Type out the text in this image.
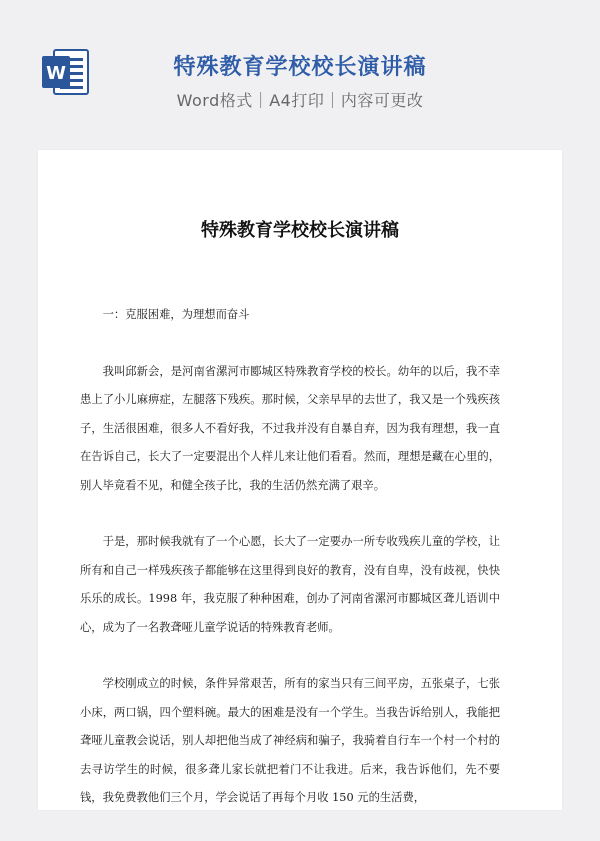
W	特殊教育学校校长演讲稿
Word格式｜A4打印｜内容可更改
特殊教育学校校长演讲稿

一：克服困难，为理想而奋斗

我叫邱新会，是河南省漯河市郾城区特殊教育学校的校长。幼年的以后，我不幸患上了小儿麻痹症，左腿落下残疾。那时候，父亲早早的去世了，我又是一个残疾孩子，生活很困难，很多人不看好我，不过我并没有自暴自弃，因为我有理想，我一直在告诉自己，长大了一定要混出个人样儿来让他们看看。然而，理想是藏在心里的，别人毕竟看不见，和健全孩子比，我的生活仍然充满了艰辛。

于是，那时候我就有了一个心愿，长大了一定要办一所专收残疾儿童的学校，让所有和自己一样残疾孩子都能够在这里得到良好的教育，没有自卑，没有歧视，快快乐乐的成长。1998 年，我克服了种种困难，创办了河南省漯河市郾城区聋儿语训中心，成为了一名教聋哑儿童学说话的特殊教育老师。

学校刚成立的时候，条件异常艰苦，所有的家当只有三间平房，五张桌子，七张小床，两口锅，四个塑料碗。最大的困难是没有一个学生。当我告诉给别人，我能把聋哑儿童教会说话，别人却把他当成了神经病和骗子，我骑着自行车一个村一个村的去寻访学生的时候，很多聋儿家长就把着门不让我进。后来，我告诉他们，先不要钱，我免费教他们三个月，学会说话了再每个月收 150 元的生活费，
